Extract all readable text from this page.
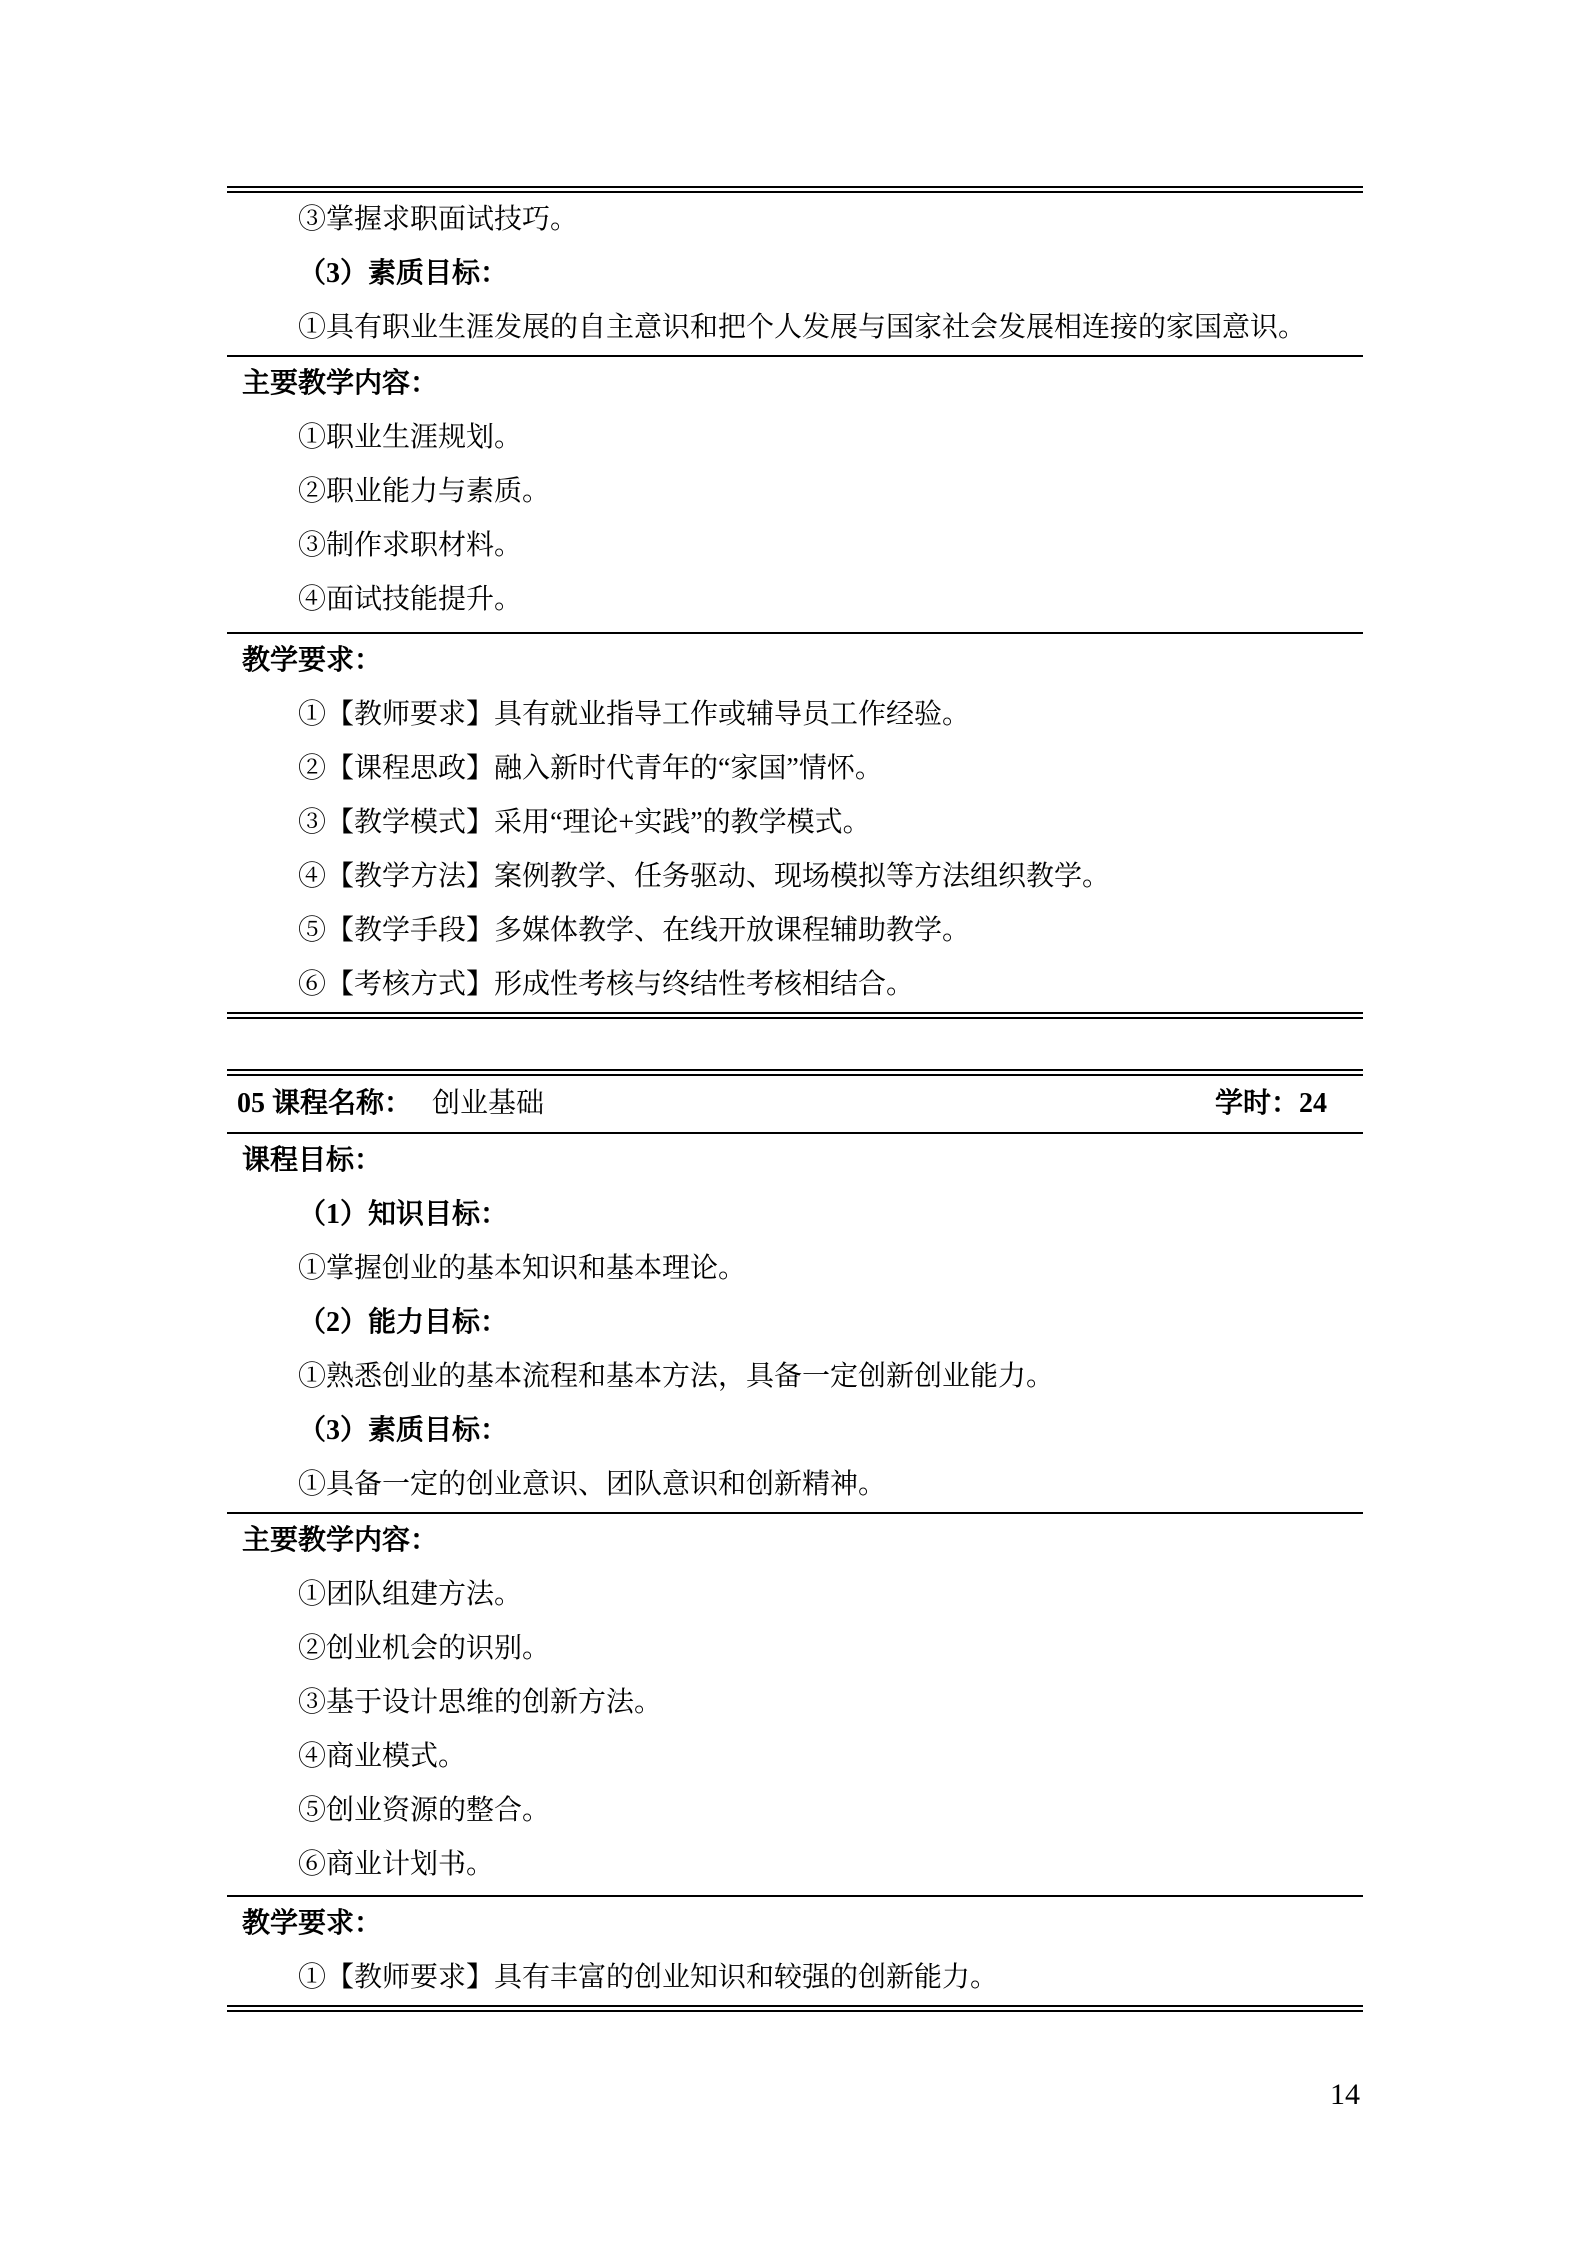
③掌握求职面试技巧。

（3）素质目标：

①具有职业生涯发展的自主意识和把个人发展与国家社会发展相连接的家国意识。

主要教学内容：

①职业生涯规划。

②职业能力与素质。

③制作求职材料。

④面试技能提升。

教学要求：

①【教师要求】具有就业指导工作或辅导员工作经验。

②【课程思政】融入新时代青年的“家国”情怀。

③【教学模式】采用“理论+实践”的教学模式。

④【教学方法】案例教学、任务驱动、现场模拟等方法组织教学。

⑤【教学手段】多媒体教学、在线开放课程辅助教学。

⑥【考核方式】形成性考核与终结性考核相结合。

05 课程名称： 创业基础	学时：24

课程目标：

（1）知识目标：

①掌握创业的基本知识和基本理论。

（2）能力目标：

①熟悉创业的基本流程和基本方法，具备一定创新创业能力。

（3）素质目标：

①具备一定的创业意识、团队意识和创新精神。

主要教学内容：

①团队组建方法。

②创业机会的识别。

③基于设计思维的创新方法。

④商业模式。

⑤创业资源的整合。

⑥商业计划书。

教学要求：

①【教师要求】具有丰富的创业知识和较强的创新能力。

14
